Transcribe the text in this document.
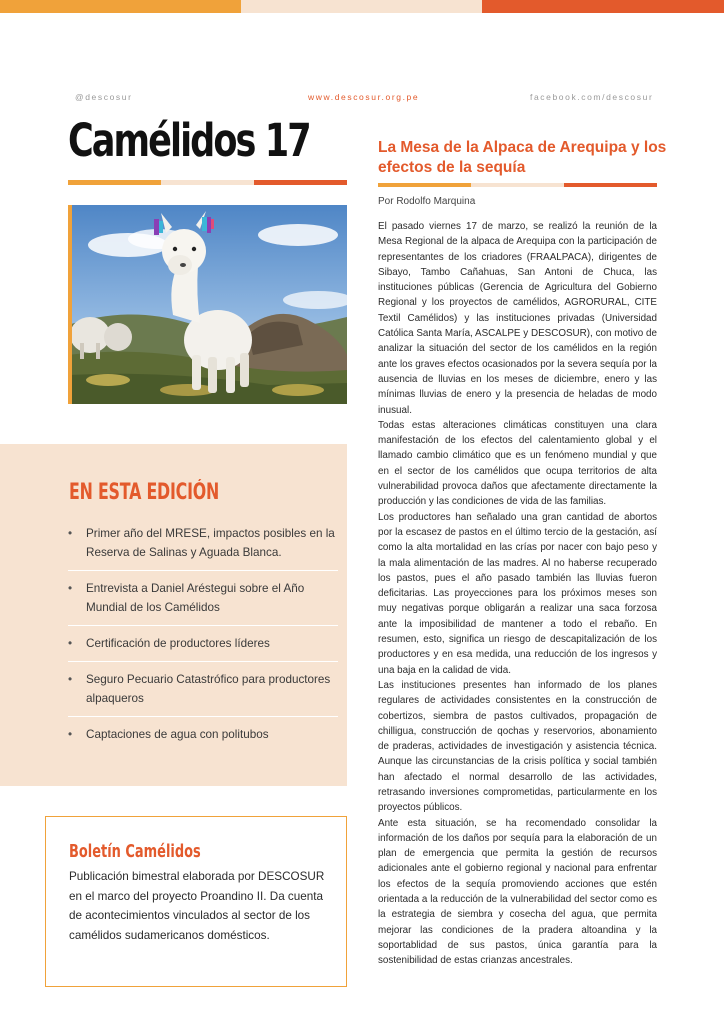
@descosur	www.descosur.org.pe	facebook.com/descosur
Camélidos 17
EN ESTA EDICIÓN
• Primer año del MRESE, impactos posibles en la Reserva de Salinas y Aguada Blanca.
• Entrevista a Daniel Aréstegui sobre el Año Mundial de los Camélidos
• Certificación de productores líderes
• Seguro Pecuario Catastrófico para productores alpaqueros
• Captaciones de agua con politubos
Boletín Camélidos
Publicación bimestral elaborada por DESCOSUR en el marco del proyecto Proandino II. Da cuenta de acontecimientos vinculados al sector de los camélidos sudamericanos domésticos.
La Mesa de la Alpaca de Arequipa y los efectos de la sequía
Por Rodolfo Marquina

El pasado viernes 17 de marzo, se realizó la reunión de la Mesa Regional de la alpaca de Arequipa con la participación de representantes de los criadores (FRAALPACA), dirigentes de Sibayo, Tambo Cañahuas, San Antoni de Chuca, las instituciones públicas (Gerencia de Agricultura del Gobierno Regional y los proyectos de camélidos, AGRORURAL, CITE Textil Camélidos) y las instituciones privadas (Universidad Católica Santa María, ASCALPE y DESCOSUR), con motivo de analizar la situación del sector de los camélidos en la región ante los graves efectos ocasionados por la severa sequía por la ausencia de lluvias en los meses de diciembre, enero y las mínimas lluvias de enero y la presencia de heladas de modo inusual.

Todas estas alteraciones climáticas constituyen una clara manifestación de los efectos del calentamiento global y el llamado cambio climático que es un fenómeno mundial y que en el sector de los camélidos que ocupa territorios de alta vulnerabilidad provoca daños que afectamente directamente la producción y las condiciones de vida de las familias.

Los productores han señalado una gran cantidad de abortos por la escasez de pastos en el último tercio de la gestación, así como la alta mortalidad en las crías por nacer con bajo peso y la mala alimentación de las madres. Al no haberse recuperado los pastos, pues el año pasado también las lluvias fueron deficitarias. Las proyecciones para los próximos meses son muy negativas porque obligarán a realizar una saca forzosa ante la imposibilidad de mantener a todo el rebaño. En resumen, esto, significa un riesgo de descapitalización de los productores y en esa medida, una reducción de los ingresos y una baja en la calidad de vida.

Las instituciones presentes han informado de los planes regulares de actividades consistentes en la construcción de cobertizos, siembra de pastos cultivados, propagación de chilligua, construcción de qochas y reservorios, abonamiento de praderas, actividades de investigación y asistencia técnica. Aunque las circunstancias de la crisis política y social también han afectado el normal desarrollo de las actividades, retrasando inversiones comprometidas, particularmente en los proyectos públicos.

Ante esta situación, se ha recomendado consolidar la información de los daños por sequía para la elaboración de un plan de emergencia que permita la gestión de recursos adicionales ante el gobierno regional y nacional para enfrentar los efectos de la sequía promoviendo acciones que estén orientada a la reducción de la vulnerabilidad del sector como es la estrategia de siembra y cosecha del agua, que permita mejorar las condiciones de la pradera altoandina y la soportablidad de sus pastos, única garantía para la sostenibilidad de estas crianzas ancestrales.
